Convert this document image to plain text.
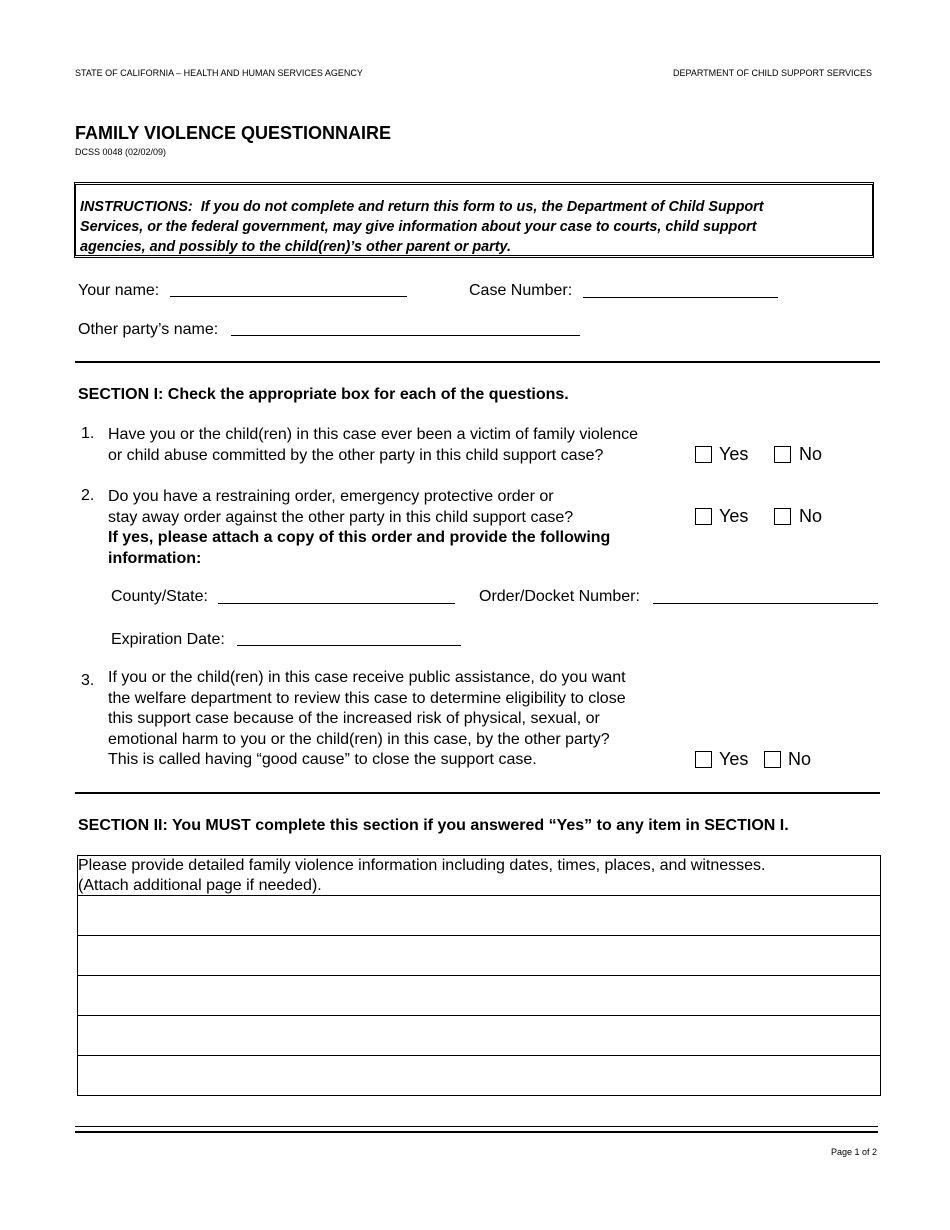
STATE OF CALIFORNIA – HEALTH AND HUMAN SERVICES AGENCY	DEPARTMENT OF CHILD SUPPORT SERVICES
FAMILY VIOLENCE QUESTIONNAIRE
DCSS 0048 (02/02/09)
INSTRUCTIONS: If you do not complete and return this form to us, the Department of Child Support
Services, or the federal government, may give information about your case to courts, child support
agencies, and possibly to the child(ren)’s other parent or party.
Your name:	Case Number:
Other party’s name:
SECTION I: Check the appropriate box for each of the questions.
1. Have you or the child(ren) in this case ever been a victim of family violence
or child abuse committed by the other party in this child support case?	Yes	No
2. Do you have a restraining order, emergency protective order or
stay away order against the other party in this child support case?
If yes, please attach a copy of this order and provide the following
information:
Yes	No
County/State:	Order/Docket Number:
Expiration Date:
3. If you or the child(ren) in this case receive public assistance, do you want
the welfare department to review this case to determine eligibility to close
this support case because of the increased risk of physical, sexual, or
emotional harm to you or the child(ren) in this case, by the other party?
This is called having “good cause” to close the support case.	Yes No
SECTION II: You MUST complete this section if you answered “Yes” to any item in SECTION I.
Please provide detailed family violence information including dates, times, places, and witnesses.
(Attach additional page if needed).
Page 1 of 2
